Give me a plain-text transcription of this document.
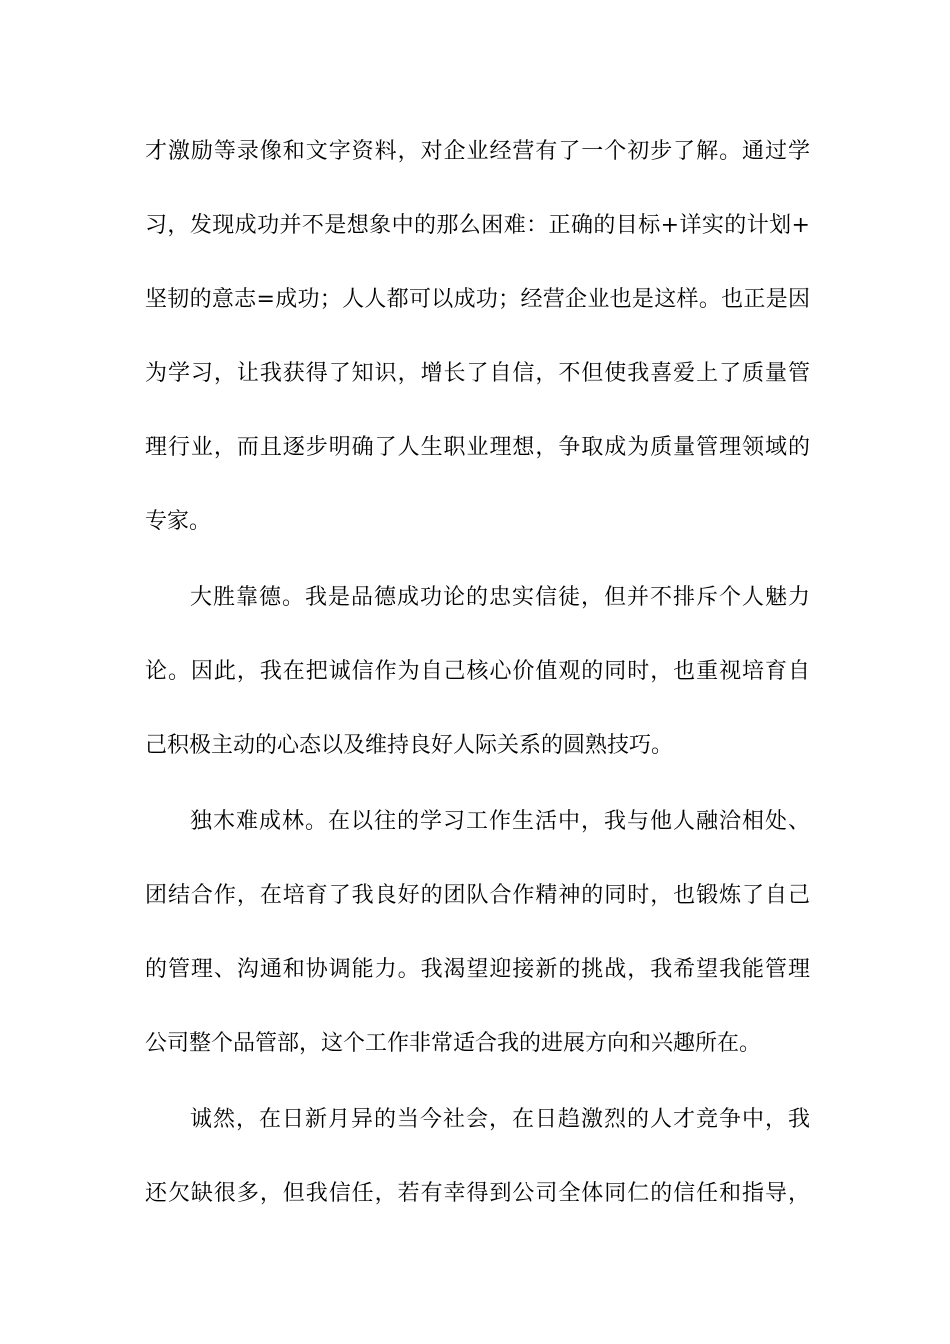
才激励等录像和文字资料，对企业经营有了一个初步了解。通过学

习，发现成功并不是想象中的那么困难：正确的目标+详实的计划+

坚韧的意志=成功；人人都可以成功；经营企业也是这样。也正是因

为学习，让我获得了知识，增长了自信，不但使我喜爱上了质量管

理行业，而且逐步明确了人生职业理想，争取成为质量管理领域的

专家。

大胜靠德。我是品德成功论的忠实信徒，但并不排斥个人魅力

论。因此，我在把诚信作为自己核心价值观的同时，也重视培育自

己积极主动的心态以及维持良好人际关系的圆熟技巧。

独木难成林。在以往的学习工作生活中，我与他人融洽相处、

团结合作，在培育了我良好的团队合作精神的同时，也锻炼了自己

的管理、沟通和协调能力。我渴望迎接新的挑战，我希望我能管理

公司整个品管部，这个工作非常适合我的进展方向和兴趣所在。

诚然，在日新月异的当今社会，在日趋激烈的人才竞争中，我

还欠缺很多，但我信任，若有幸得到公司全体同仁的信任和指导，
